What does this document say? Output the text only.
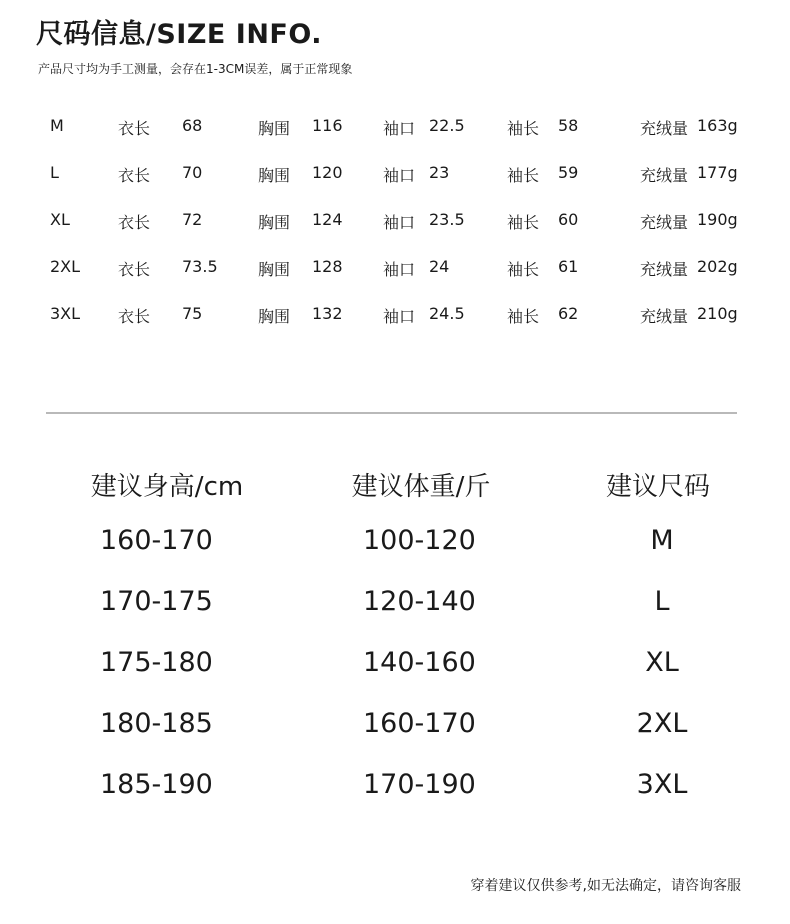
尺码信息/SIZE INFO.
产品尺寸均为手工测量，会存在1-3CM误差，属于正常现象
M	衣长 68	胸围 116	袖口 22.5	袖长 58	充绒量 163g
L	衣长 70	胸围 120	袖口 23	袖长 59	充绒量 177g
XL	衣长 72	胸围 124	袖口 23.5	袖长 60	充绒量 190g
2XL 衣长 73.5	胸围 128	袖口 24	袖长 61	充绒量 202g
3XL 衣长 75	胸围 132	袖口 24.5	袖长 62	充绒量 210g
建议身高/cm	建议体重/斤	建议尺码
160-170	100-120	M
170-175	120-140	L
175-180	140-160	XL
180-185	160-170	2XL
185-190	170-190	3XL
穿着建议仅供参考,如无法确定，请咨询客服
